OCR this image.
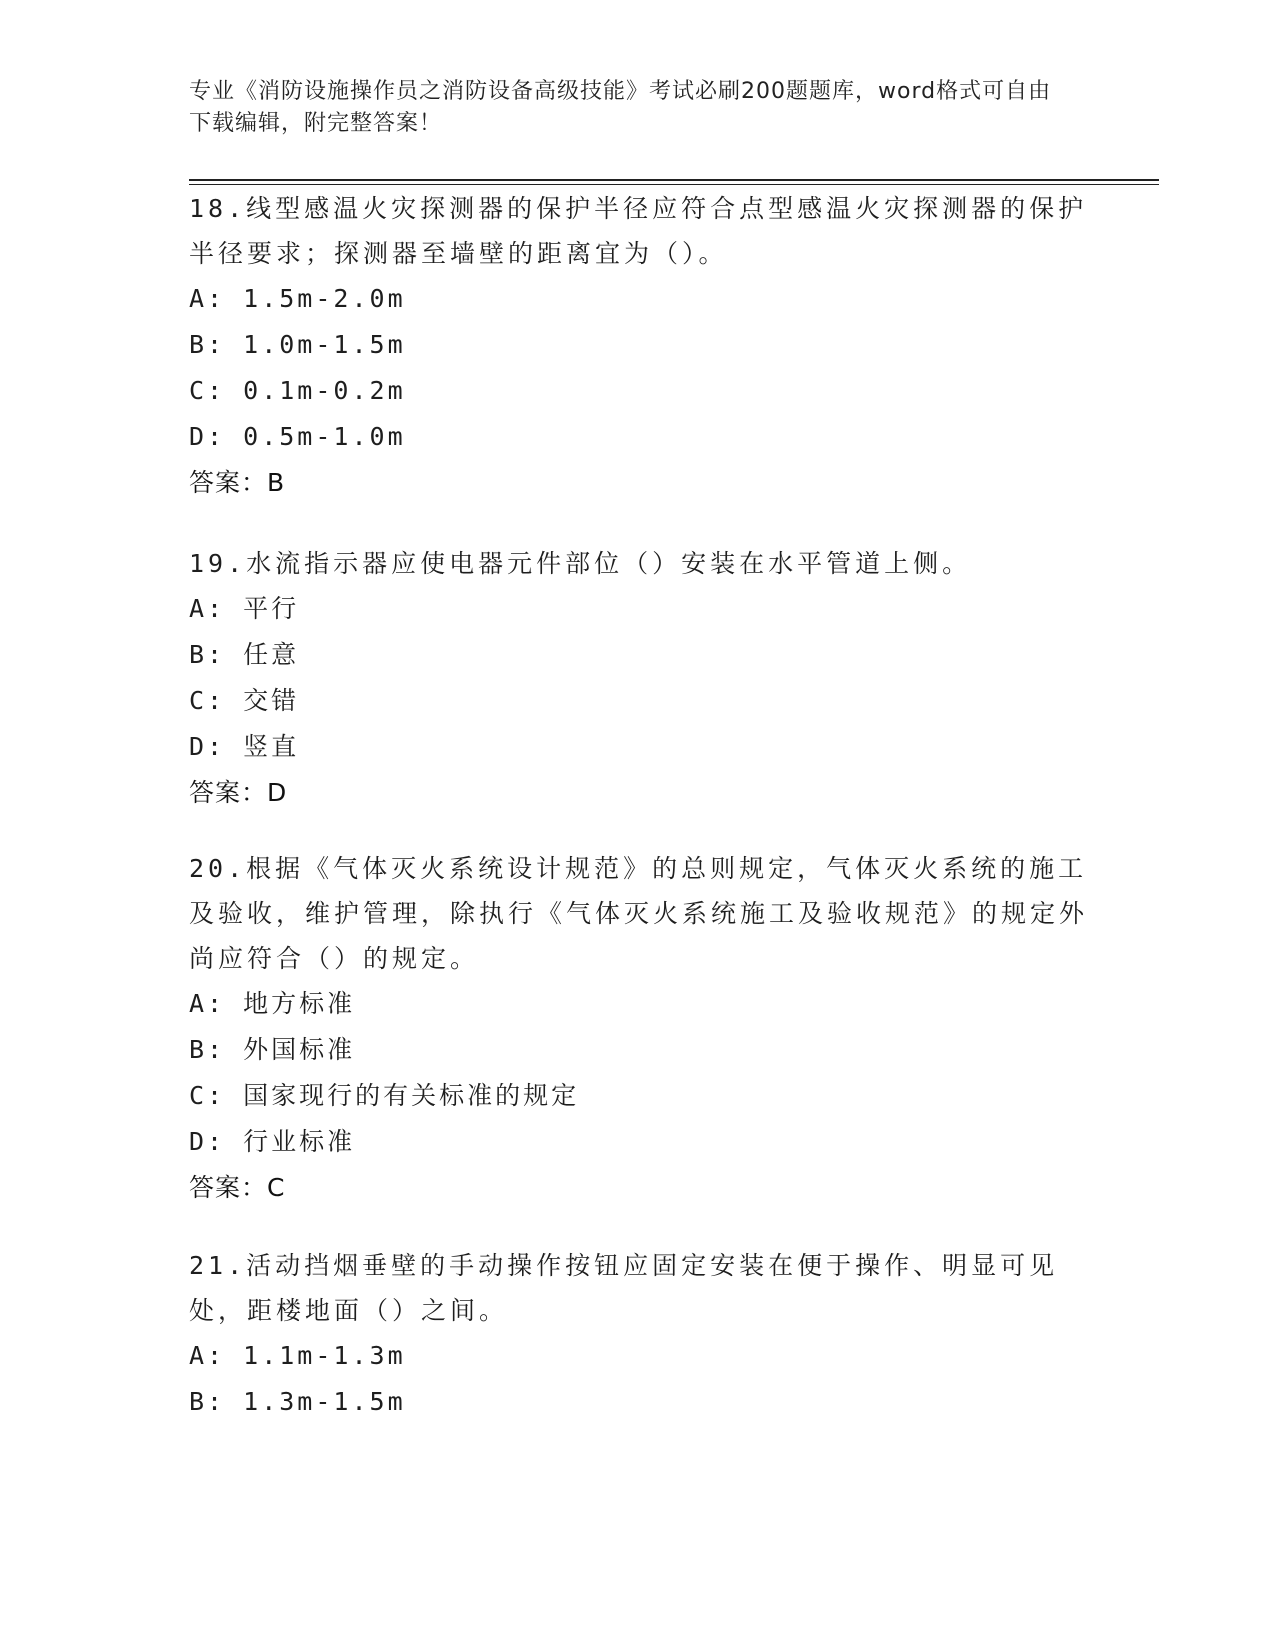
专业《消防设施操作员之消防设备高级技能》考试必刷200题题库，word格式可自由下载编辑，附完整答案！

18.线型感温火灾探测器的保护半径应符合点型感温火灾探测器的保护半径要求；探测器至墙壁的距离宜为（）。

A: 1.5m-2.0m
B: 1.0m-1.5m
C: 0.1m-0.2m
D: 0.5m-1.0m
答案：B

19.水流指示器应使电器元件部位（）安装在水平管道上侧。

A: 平行
B: 任意
C: 交错
D: 竖直
答案：D

20.根据《气体灭火系统设计规范》的总则规定，气体灭火系统的施工及验收，维护管理，除执行《气体灭火系统施工及验收规范》的规定外尚应符合（）的规定。

A: 地方标准
B: 外国标准
C: 国家现行的有关标准的规定
D: 行业标准
答案：C

21.活动挡烟垂壁的手动操作按钮应固定安装在便于操作、明显可见处，距楼地面（）之间。

A: 1.1m-1.3m
B: 1.3m-1.5m
